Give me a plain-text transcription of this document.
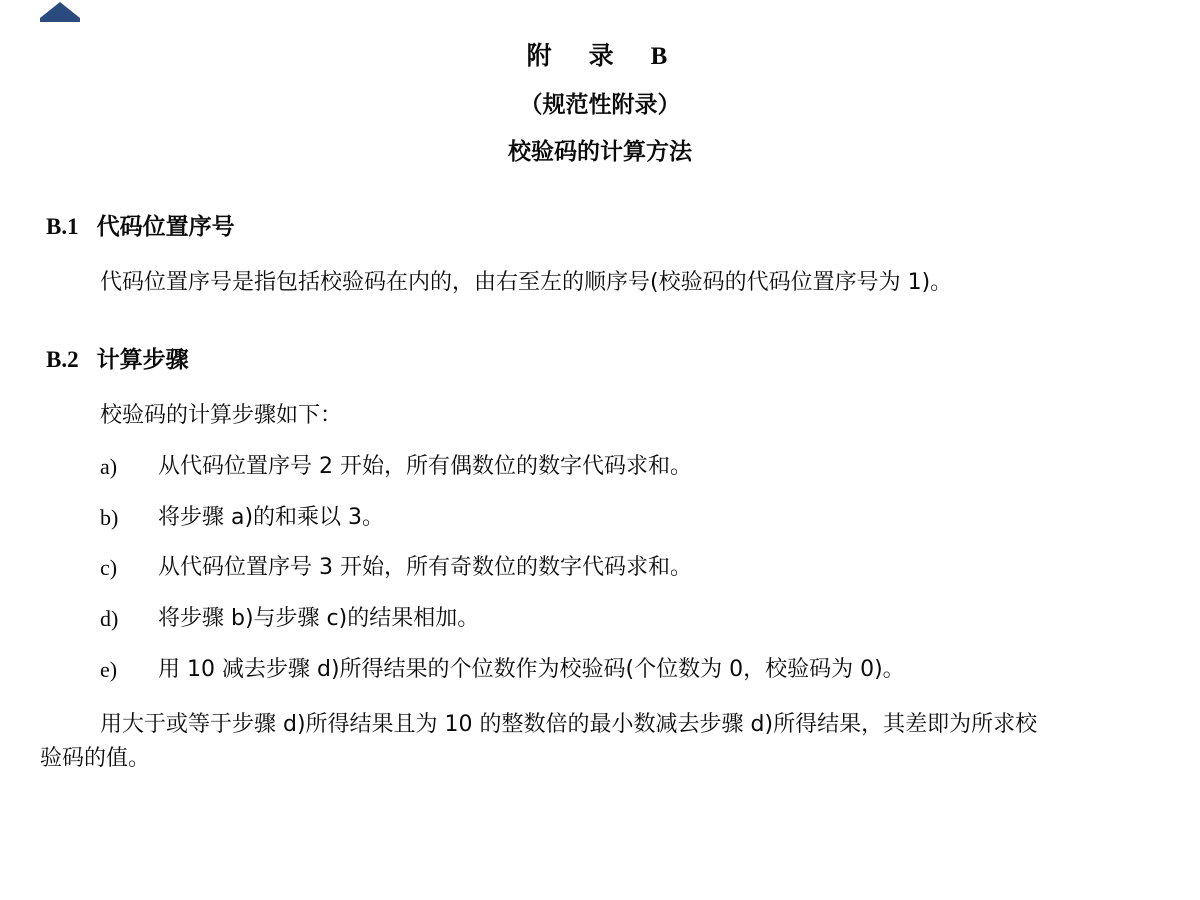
附　录　B
（规范性附录）
校验码的计算方法
B.1 代码位置序号
代码位置序号是指包括校验码在内的，由右至左的顺序号(校验码的代码位置序号为 1)。
B.2 计算步骤
校验码的计算步骤如下：
a)	从代码位置序号 2 开始，所有偶数位的数字代码求和。
b)	将步骤 a)的和乘以 3。
c)	从代码位置序号 3 开始，所有奇数位的数字代码求和。
d)	将步骤 b)与步骤 c)的结果相加。
e)	用 10 减去步骤 d)所得结果的个位数作为校验码(个位数为 0，校验码为 0)。
用大于或等于步骤 d)所得结果且为 10 的整数倍的最小数减去步骤 d)所得结果，其差即为所求校
验码的值。
